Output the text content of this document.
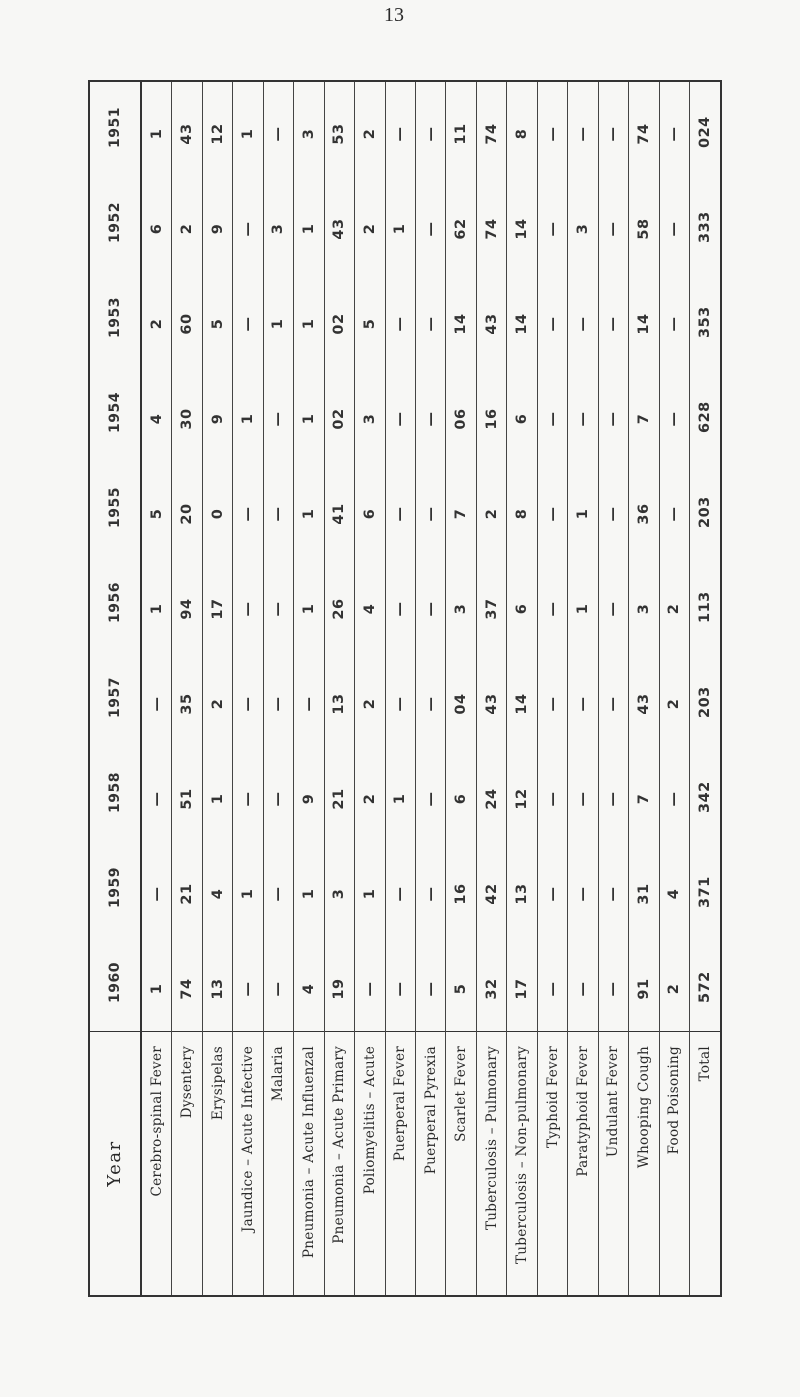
13
Year
1951
1952
1953
1954
1955
1956
1957
1958
1959
1960
Cerebro-spinal Fever
1
6
2
4
5
1
—
—
—
1
Dysentery
43
2
60
30
20
94
35
51
21
74
Erysipelas
12
9
5
9
0
17
2
1
4
13
Jaundice – Acute Infective
1
—
—
1
—
—
—
—
1
—
Malaria
—
3
1
—
—
—
—
—
—
—
Pneumonia – Acute Influenzal
3
1
1
1
1
1
—
9
1
4
Pneumonia – Acute Primary
53
43
02
02
41
26
13
21
3
19
Poliomyelitis – Acute
2
2
5
3
6
4
2
2
1
—
Puerperal Fever
—
1
—
—
—
—
—
1
—
—
Puerperal Pyrexia
—
—
—
—
—
—
—
—
—
—
Scarlet Fever
11
62
14
06
7
3
04
6
16
5
Tuberculosis – Pulmonary
74
74
43
16
2
37
43
24
42
32
Tuberculosis – Non-pulmonary
8
14
14
6
8
6
14
12
13
17
Typhoid Fever
—
—
—
—
—
—
—
—
—
—
Paratyphoid Fever
—
3
—
—
1
1
—
—
—
—
Undulant Fever
—
—
—
—
—
—
—
—
—
—
Whooping Cough
74
58
14
7
36
3
43
7
31
91
Food Poisoning
—
—
—
—
—
2
2
—
4
2
Total
024
333
353
628
203
113
203
342
371
572
